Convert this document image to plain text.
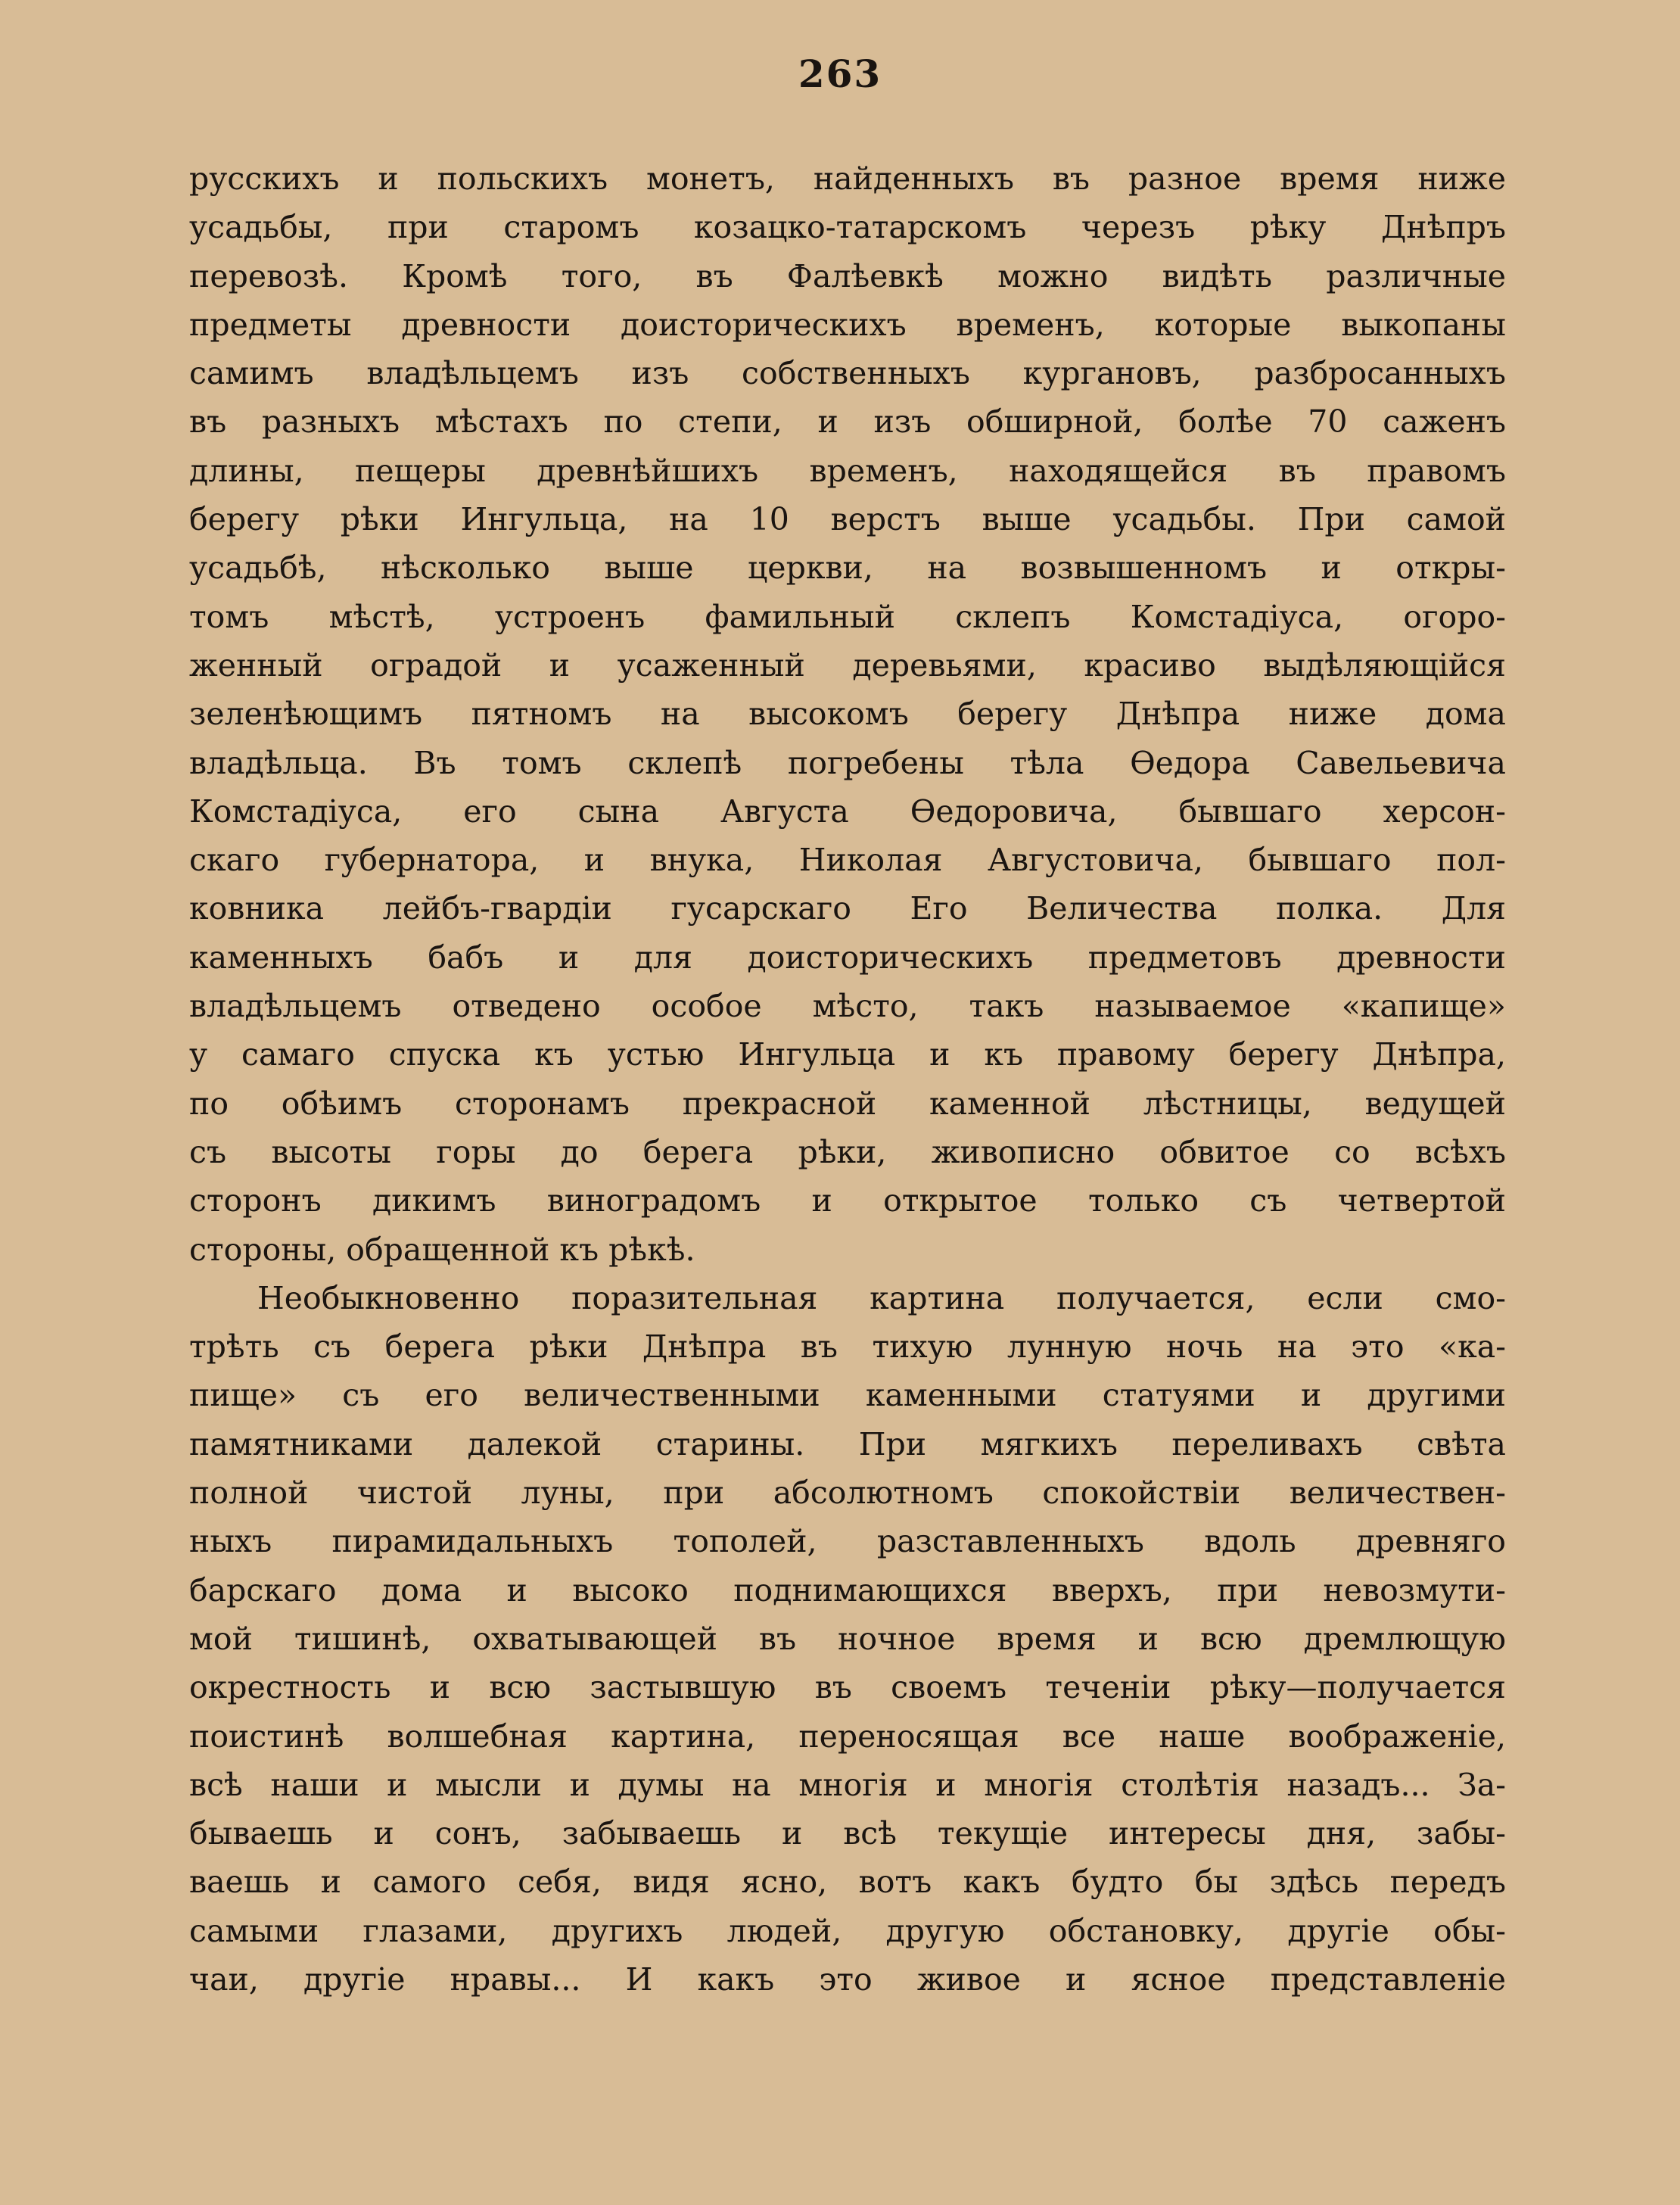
263
русскихъ и польскихъ монетъ, найденныхъ въ разное время ниже
усадьбы, при старомъ козацко-татарскомъ черезъ рѣку Днѣпръ
перевозѣ. Кромѣ того, въ Фалѣевкѣ можно видѣть различные
предметы древности доисторическихъ временъ, которые выкопаны
самимъ владѣльцемъ изъ собственныхъ кургановъ, разбросанныхъ
въ разныхъ мѣстахъ по степи, и изъ обширной, болѣе 70 саженъ
длины, пещеры древнѣйшихъ временъ, находящейся въ правомъ
берегу рѣки Ингульца, на 10 верстъ выше усадьбы. При самой
усадьбѣ, нѣсколько выше церкви, на возвышенномъ и откры-
томъ мѣстѣ, устроенъ фамильный склепъ Комстадіуса, огоро-
женный оградой и усаженный деревьями, красиво выдѣляющійся
зеленѣющимъ пятномъ на высокомъ берегу Днѣпра ниже дома
владѣльца. Въ томъ склепѣ погребены тѣла Ѳедора Савельевича
Комстадіуса, его сына Августа Ѳедоровича, бывшаго херсон-
скаго губернатора, и внука, Николая Августовича, бывшаго пол-
ковника лейбъ-гвардіи гусарскаго Его Величества полка. Для
каменныхъ бабъ и для доисторическихъ предметовъ древности
владѣльцемъ отведено особое мѣсто, такъ называемое «капище»
у самаго спуска къ устью Ингульца и къ правому берегу Днѣпра,
по обѣимъ сторонамъ прекрасной каменной лѣстницы, ведущей
съ высоты горы до берега рѣки, живописно обвитое со всѣхъ
сторонъ дикимъ виноградомъ и открытое только съ четвертой
стороны, обращенной къ рѣкѣ.
Необыкновенно поразительная картина получается, если смо-
трѣть съ берега рѣки Днѣпра въ тихую лунную ночь на это «ка-
пище» съ его величественными каменными статуями и другими
памятниками далекой старины. При мягкихъ переливахъ свѣта
полной чистой луны, при абсолютномъ спокойствіи величествен-
ныхъ пирамидальныхъ тополей, разставленныхъ вдоль древняго
барскаго дома и высоко поднимающихся вверхъ, при невозмути-
мой тишинѣ, охватывающей въ ночное время и всю дремлющую
окрестность и всю застывшую въ своемъ теченіи рѣку—получается
поистинѣ волшебная картина, переносящая все наше воображеніе,
всѣ наши и мысли и думы на многія и многія столѣтія назадъ... За-
бываешь и сонъ, забываешь и всѣ текущіе интересы дня, забы-
ваешь и самого себя, видя ясно, вотъ какъ будто бы здѣсь передъ
самыми глазами, другихъ людей, другую обстановку, другіе обы-
чаи, другіе нравы... И какъ это живое и ясное представленіе
